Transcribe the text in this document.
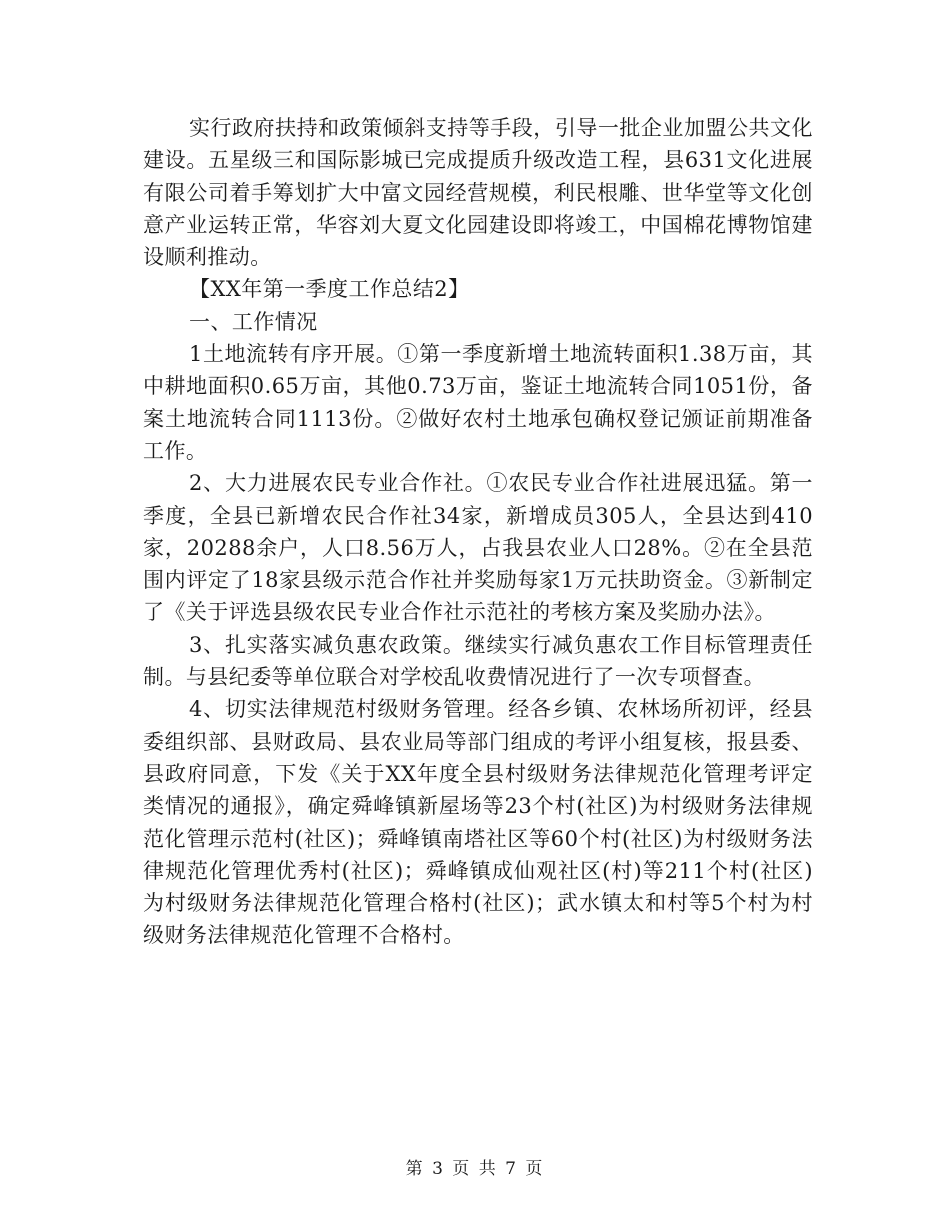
实行政府扶持和政策倾斜支持等手段，引导一批企业加盟公共文化建设。五星级三和国际影城已完成提质升级改造工程，县631文化进展有限公司着手筹划扩大中富文园经营规模，利民根雕、世华堂等文化创意产业运转正常，华容刘大夏文化园建设即将竣工，中国棉花博物馆建设顺利推动。

【XX年第一季度工作总结2】

一、工作情况

1土地流转有序开展。①第一季度新增土地流转面积1.38万亩，其中耕地面积0.65万亩，其他0.73万亩，鉴证土地流转合同1051份，备案土地流转合同1113份。②做好农村土地承包确权登记颁证前期准备工作。

2、大力进展农民专业合作社。①农民专业合作社进展迅猛。第一季度，全县已新增农民合作社34家，新增成员305人，全县达到410家，20288余户，人口8.56万人，占我县农业人口28%。②在全县范围内评定了18家县级示范合作社并奖励每家1万元扶助资金。③新制定了《关于评选县级农民专业合作社示范社的考核方案及奖励办法》。

3、扎实落实减负惠农政策。继续实行减负惠农工作目标管理责任制。与县纪委等单位联合对学校乱收费情况进行了一次专项督查。

4、切实法律规范村级财务管理。经各乡镇、农林场所初评，经县委组织部、县财政局、县农业局等部门组成的考评小组复核，报县委、县政府同意，下发《关于XX年度全县村级财务法律规范化管理考评定类情况的通报》，确定舜峰镇新屋场等23个村(社区)为村级财务法律规范化管理示范村(社区)；舜峰镇南塔社区等60个村(社区)为村级财务法律规范化管理优秀村(社区)；舜峰镇成仙观社区(村)等211个村(社区)为村级财务法律规范化管理合格村(社区)；武水镇太和村等5个村为村级财务法律规范化管理不合格村。

第 3 页 共 7 页
